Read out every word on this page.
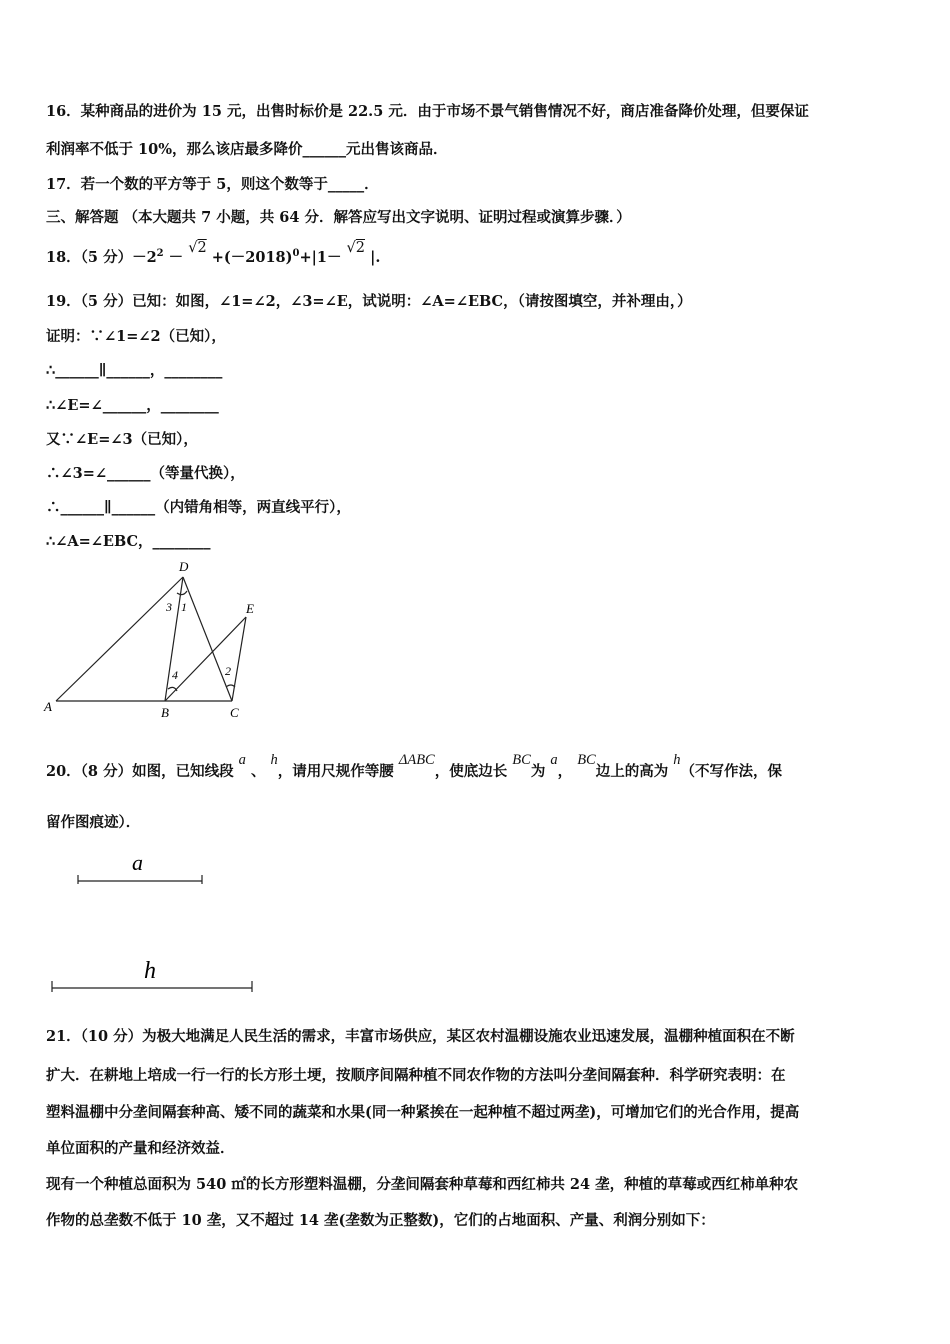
16．某种商品的进价为 15 元，出售时标价是 22.5 元．由于市场不景气销售情况不好，商店准备降价处理，但要保证
利润率不低于 10%，那么该店最多降价______元出售该商品．
17．若一个数的平方等于 5，则这个数等于_____．
三、解答题 （本大题共 7 小题，共 64 分．解答应写出文字说明、证明过程或演算步骤．）
18．（5 分）$-2^2 - √2 +(-2018)^0+|1- √2$ |.
19．（5 分）已知：如图，∠1=∠2，∠3=∠E，试说明：∠A=∠EBC，（请按图填空，并补理由，）
证明：∵∠1=∠2（已知），
∴______∥______，________
∴∠E=∠______，________
又∵∠E=∠3（已知），
∴∠3=∠______（等量代换），
∴______∥______（内错角相等，两直线平行），
∴∠A=∠EBC，________
A	B	C
D
E
1
2
3
4
20．（8 分）如图，已知线段 a 、 h，请用尺规作等腰 ΔABC，使底边长 BC为 a， BC边上的高为 h（不写作法，保
留作图痕迹）．
a
h
21．（10 分）为极大地满足人民生活的需求，丰富市场供应，某区农村温棚设施农业迅速发展，温棚种植面积在不断
扩大．在耕地上培成一行一行的长方形土埂，按顺序间隔种植不同农作物的方法叫分垄间隔套种．科学研究表明：在
塑料温棚中分垄间隔套种高、矮不同的蔬菜和水果(同一种紧挨在一起种植不超过两垄)，可增加它们的光合作用，提高
单位面积的产量和经济效益．
现有一个种植总面积为 540 ㎡的长方形塑料温棚，分垄间隔套种草莓和西红柿共 24 垄，种植的草莓或西红柿单种农
作物的总垄数不低于 10 垄，又不超过 14 垄(垄数为正整数)，它们的占地面积、产量、利润分别如下：
